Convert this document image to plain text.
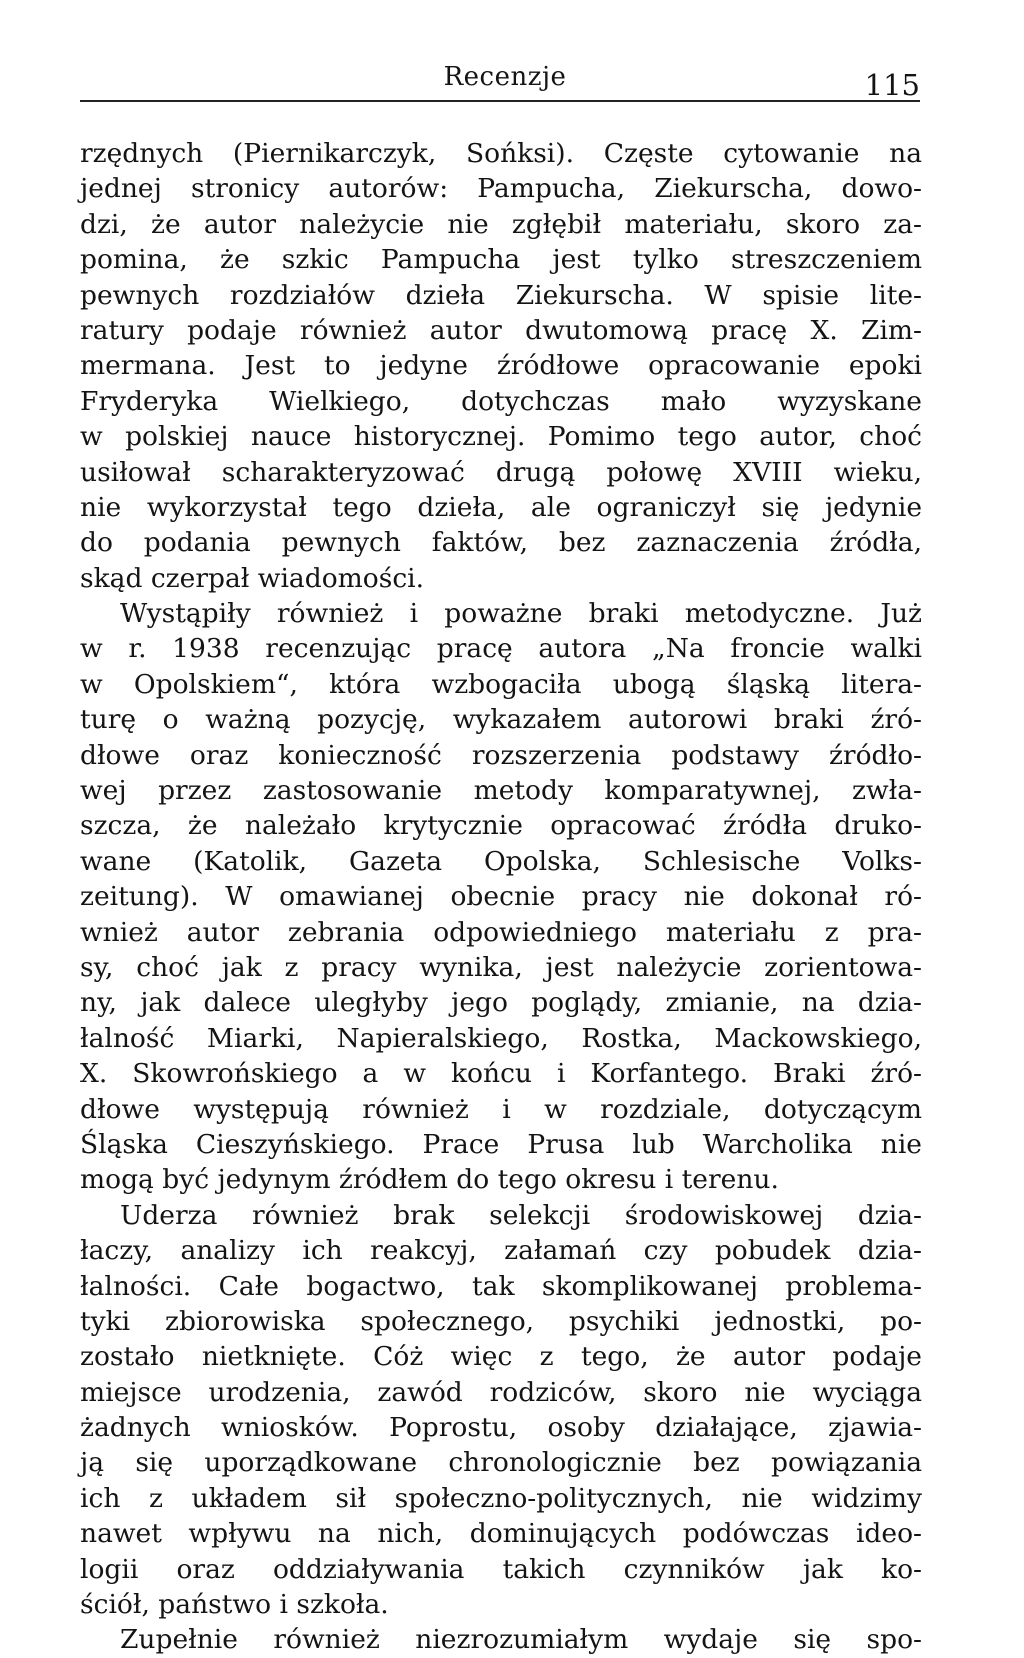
Recenzje	115
rzędnych (Piernikarczyk, Sońksi). Częste cytowanie na
jednej stronicy autorów: Pampucha, Ziekurscha, dowo-
dzi, że autor należycie nie zgłębił materiału, skoro za-
pomina, że szkic Pampucha jest tylko streszczeniem
pewnych rozdziałów dzieła Ziekurscha. W spisie lite-
ratury podaje również autor dwutomową pracę X. Zim-
mermana. Jest to jedyne źródłowe opracowanie epoki
Fryderyka Wielkiego, dotychczas mało wyzyskane
w polskiej nauce historycznej. Pomimo tego autor, choć
usiłował scharakteryzować drugą połowę XVIII wieku,
nie wykorzystał tego dzieła, ale ograniczył się jedynie
do podania pewnych faktów, bez zaznaczenia źródła,
skąd czerpał wiadomości.
Wystąpiły również i poważne braki metodyczne. Już
w r. 1938 recenzując pracę autora „Na froncie walki
w Opolskiem“, która wzbogaciła ubogą śląską litera-
turę o ważną pozycję, wykazałem autorowi braki źró-
dłowe oraz konieczność rozszerzenia podstawy źródło-
wej przez zastosowanie metody komparatywnej, zwła-
szcza, że należało krytycznie opracować źródła druko-
wane (Katolik, Gazeta Opolska, Schlesische Volks-
zeitung). W omawianej obecnie pracy nie dokonał ró-
wnież autor zebrania odpowiedniego materiału z pra-
sy, choć jak z pracy wynika, jest należycie zorientowa-
ny, jak dalece uległyby jego poglądy, zmianie, na dzia-
łalność Miarki, Napieralskiego, Rostka, Mackowskiego,
X. Skowrońskiego a w końcu i Korfantego. Braki źró-
dłowe występują również i w rozdziale, dotyczącym
Śląska Cieszyńskiego. Prace Prusa lub Warcholika nie
mogą być jedynym źródłem do tego okresu i terenu.
Uderza również brak selekcji środowiskowej dzia-
łaczy, analizy ich reakcyj, załamań czy pobudek dzia-
łalności. Całe bogactwo, tak skomplikowanej problema-
tyki zbiorowiska społecznego, psychiki jednostki, po-
zostało nietknięte. Cóż więc z tego, że autor podaje
miejsce urodzenia, zawód rodziców, skoro nie wyciąga
żadnych wniosków. Poprostu, osoby działające, zjawia-
ją się uporządkowane chronologicznie bez powiązania
ich z układem sił społeczno-politycznych, nie widzimy
nawet wpływu na nich, dominujących podówczas ideo-
logii oraz oddziaływania takich czynników jak ko-
ściół, państwo i szkoła.
Zupełnie również niezrozumiałym wydaje się spo-
